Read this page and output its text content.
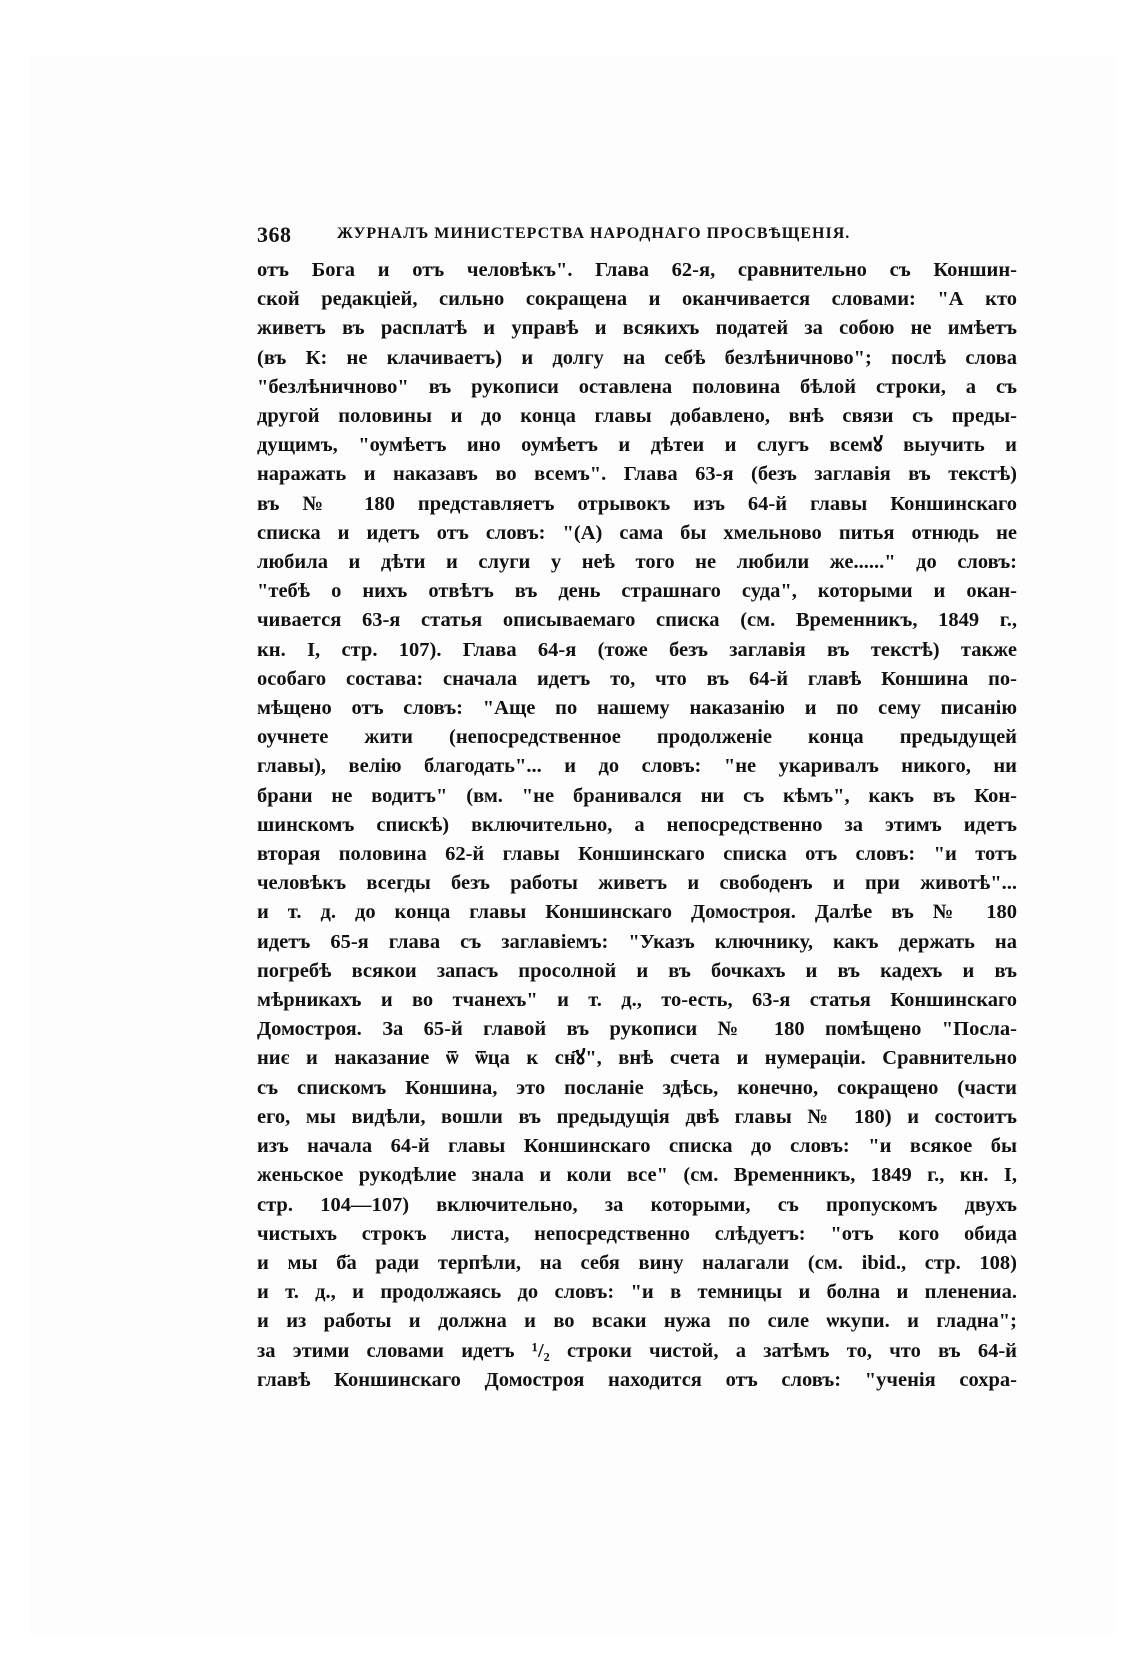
368	ЖУРНАЛЪ МИНИСТЕРСТВА НАРОДНАГО ПРОСВѢЩЕНІЯ.
отъ Бога и отъ человѣкъ". Глава 62-я, сравнительно съ Коншин-
ской редакціей, сильно сокращена и оканчивается словами: "А кто
живетъ въ расплатѣ и управѣ и всякихъ податей за собою не имѣетъ
(въ К: не клачиваетъ) и долгу на себѣ безлѣничново"; послѣ слова
"безлѣничново" въ рукописи оставлена половина бѣлой строки, а съ
другой половины и до конца главы добавлено, внѣ связи съ преды-
дущимъ, "оумѣетъ ино оумѣетъ и дѣтеи и слугъ всемꙋ выучить и
наражать и наказавъ во всемъ". Глава 63-я (безъ заглавія въ текстѣ)
въ № 180 представляетъ отрывокъ изъ 64-й главы Коншинскаго
списка и идетъ отъ словъ: "(А) сама бы хмельново питья отнюдь не
любила и дѣти и слуги у неѣ того не любили же......" до словъ:
"тебѣ о нихъ отвѣтъ въ день страшнаго суда", которыми и окан-
чивается 63-я статья описываемаго списка (см. Временникъ, 1849 г.,
кн. I, стр. 107). Глава 64-я (тоже безъ заглавія въ текстѣ) также
особаго состава: сначала идетъ то, что въ 64-й главѣ Коншина по-
мѣщено отъ словъ: "Аще по нашему наказанію и по сему писанію
оучнете жити (непосредственное продолженіе конца предыдущей
главы), велію благодать"... и до словъ: "не укаривалъ никого, ни
брани не водитъ" (вм. "не бранивался ни съ кѣмъ", какъ въ Кон-
шинскомъ спискѣ) включительно, а непосредственно за этимъ идетъ
вторая половина 62-й главы Коншинскаго списка отъ словъ: "и тотъ
человѣкъ всегды безъ работы живетъ и свободенъ и при животѣ"...
и т. д. до конца главы Коншинскаго Домостроя. Далѣе въ № 180
идетъ 65-я глава съ заглавіемъ: "Указъ ключнику, какъ держать на
погребѣ всякои запасъ просолной и въ бочкахъ и въ кадехъ и въ
мѣрникахъ и во тчанехъ" и т. д., то-есть, 63-я статья Коншинскаго
Домостроя. За 65-й главой въ рукописи № 180 помѣщено "Посла-
ниє и наказание ѿ ѿца к сн҃ꙋ", внѣ счета и нумераціи. Сравнительно
съ спискомъ Коншина, это посланіе здѣсь, конечно, сокращено (части
его, мы видѣли, вошли въ предыдущія двѣ главы № 180) и состоитъ
изъ начала 64-й главы Коншинскаго списка до словъ: "и всякое бы
женьское рукодѣлие знала и коли все" (см. Временникъ, 1849 г., кн. I,
стр. 104—107) включительно, за которыми, съ пропускомъ двухъ
чистыхъ строкъ листа, непосредственно слѣдуетъ: "отъ кого обида
и мы б҃а ради терпѣли, на себя вину налагали (см. ibid., стр. 108)
и т. д., и продолжаясь до словъ: "и в темницы и болна и пленениа.
и из работы и должна и во всаки нужа по силе ѡкупи. и гладна";
за этими словами идетъ ¹/₂ строки чистой, а затѣмъ то, что въ 64-й
главѣ Коншинскаго Домостроя находится отъ словъ: "ученія сохра-
